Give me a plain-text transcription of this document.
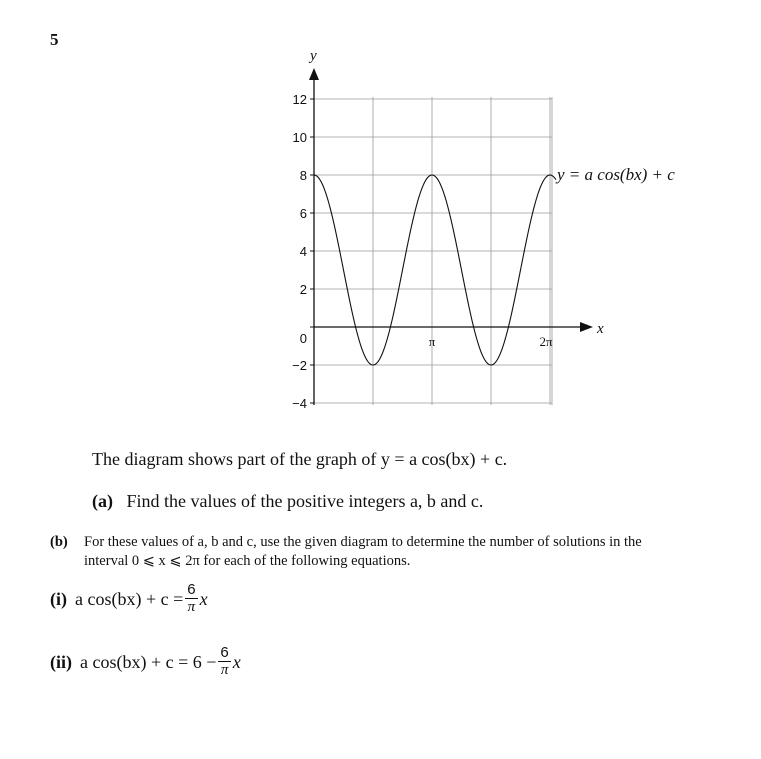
5
12
10
8
6
4
2
0
−2
−4
π	2π
x
y
y = a cos(bx) + c

The diagram shows part of the graph of y = a cos(bx) + c.

(a) Find the values of the positive integers a, b and c.

(b) For these values of a, b and c, use the given diagram to determine the number of solutions in the
interval 0 ⩽ x ⩽ 2π for each of the following equations.
(i) a $\cos(bx) + c = \frac{6}{\pi}$ x
(ii) a $\cos(bx) + c = 6 - \frac{6}{\pi}$ x
